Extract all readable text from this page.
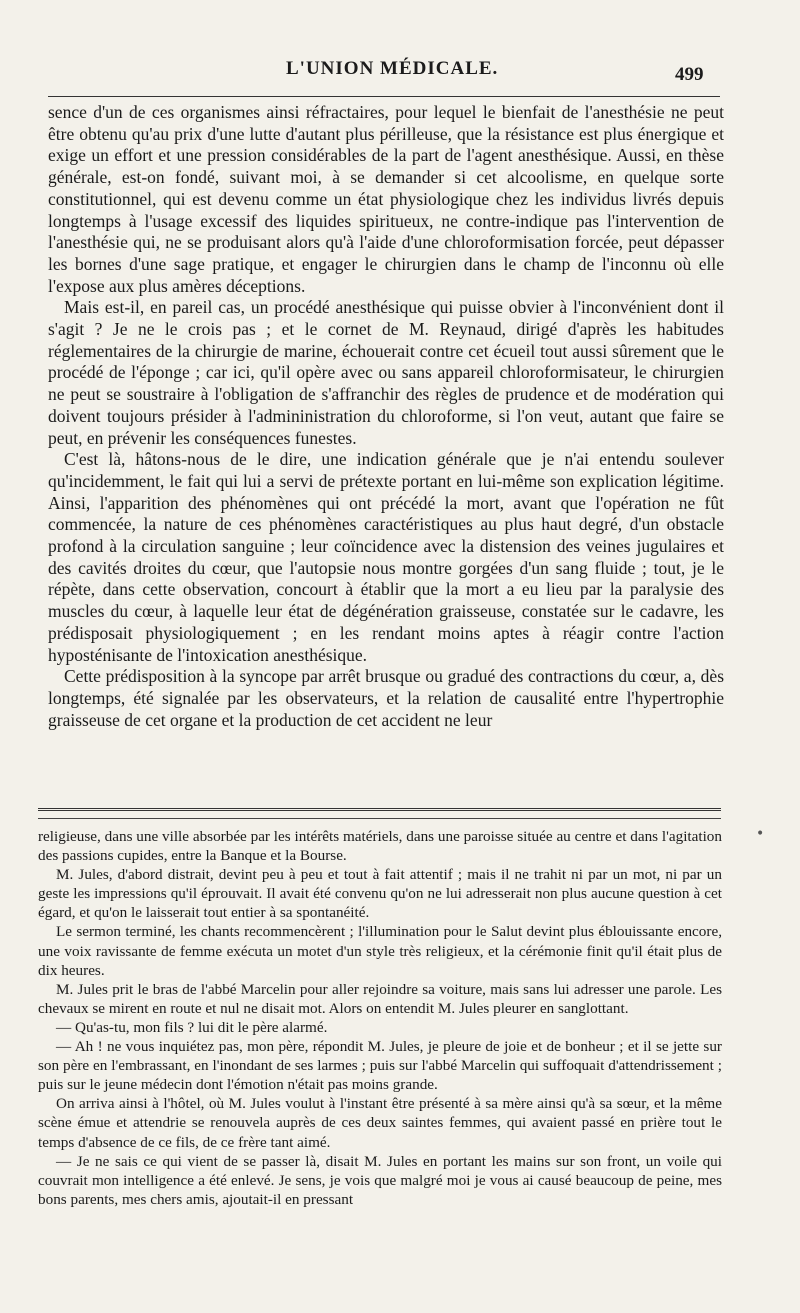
L'UNION MÉDICALE.	499

sence d'un de ces organismes ainsi réfractaires, pour lequel le bienfait de l'anesthésie ne peut être obtenu qu'au prix d'une lutte d'autant plus périlleuse, que la résistance est plus énergique et exige un effort et une pression considérables de la part de l'agent anesthésique. Aussi, en thèse générale, est-on fondé, suivant moi, à se demander si cet alcoolisme, en quelque sorte constitutionnel, qui est devenu comme un état physiologique chez les individus livrés depuis longtemps à l'usage excessif des liquides spiritueux, ne contre-indique pas l'intervention de l'anesthésie qui, ne se produisant alors qu'à l'aide d'une chloroformisation forcée, peut dépasser les bornes d'une sage pratique, et engager le chirurgien dans le champ de l'inconnu où elle l'expose aux plus amères déceptions.

Mais est-il, en pareil cas, un procédé anesthésique qui puisse obvier à l'inconvénient dont il s'agit ? Je ne le crois pas ; et le cornet de M. Reynaud, dirigé d'après les habitudes réglementaires de la chirurgie de marine, échouerait contre cet écueil tout aussi sûrement que le procédé de l'éponge ; car ici, qu'il opère avec ou sans appareil chloroformisateur, le chirurgien ne peut se soustraire à l'obligation de s'affranchir des règles de prudence et de modération qui doivent toujours présider à l'admininistration du chloroforme, si l'on veut, autant que faire se peut, en prévenir les conséquences funestes.

C'est là, hâtons-nous de le dire, une indication générale que je n'ai entendu soulever qu'incidemment, le fait qui lui a servi de prétexte portant en lui-même son explication légitime. Ainsi, l'apparition des phénomènes qui ont précédé la mort, avant que l'opération ne fût commencée, la nature de ces phénomènes caractéristiques au plus haut degré, d'un obstacle profond à la circulation sanguine ; leur coïncidence avec la distension des veines jugulaires et des cavités droites du cœur, que l'autopsie nous montre gorgées d'un sang fluide ; tout, je le répète, dans cette observation, concourt à établir que la mort a eu lieu par la paralysie des muscles du cœur, à laquelle leur état de dégénération graisseuse, constatée sur le cadavre, les prédisposait physiologiquement ; en les rendant moins aptes à réagir contre l'action hyposténisante de l'intoxication anesthésique.

Cette prédisposition à la syncope par arrêt brusque ou gradué des contractions du cœur, a, dès longtemps, été signalée par les observateurs, et la relation de causalité entre l'hypertrophie graisseuse de cet organe et la production de cet accident ne leur

•

religieuse, dans une ville absorbée par les intérêts matériels, dans une paroisse située au centre et dans l'agitation des passions cupides, entre la Banque et la Bourse.

M. Jules, d'abord distrait, devint peu à peu et tout à fait attentif ; mais il ne trahit ni par un mot, ni par un geste les impressions qu'il éprouvait. Il avait été convenu qu'on ne lui adresserait non plus aucune question à cet égard, et qu'on le laisserait tout entier à sa spontanéité.

Le sermon terminé, les chants recommencèrent ; l'illumination pour le Salut devint plus éblouissante encore, une voix ravissante de femme exécuta un motet d'un style très religieux, et la cérémonie finit qu'il était plus de dix heures.

M. Jules prit le bras de l'abbé Marcelin pour aller rejoindre sa voiture, mais sans lui adresser une parole. Les chevaux se mirent en route et nul ne disait mot. Alors on entendit M. Jules pleurer en sanglottant.

— Qu'as-tu, mon fils ? lui dit le père alarmé.

— Ah ! ne vous inquiétez pas, mon père, répondit M. Jules, je pleure de joie et de bonheur ; et il se jette sur son père en l'embrassant, en l'inondant de ses larmes ; puis sur l'abbé Marcelin qui suffoquait d'attendrissement ; puis sur le jeune médecin dont l'émotion n'était pas moins grande.

On arriva ainsi à l'hôtel, où M. Jules voulut à l'instant être présenté à sa mère ainsi qu'à sa sœur, et la même scène émue et attendrie se renouvela auprès de ces deux saintes femmes, qui avaient passé en prière tout le temps d'absence de ce fils, de ce frère tant aimé.

— Je ne sais ce qui vient de se passer là, disait M. Jules en portant les mains sur son front, un voile qui couvrait mon intelligence a été enlevé. Je sens, je vois que malgré moi je vous ai causé beaucoup de peine, mes bons parents, mes chers amis, ajoutait-il en pressant
